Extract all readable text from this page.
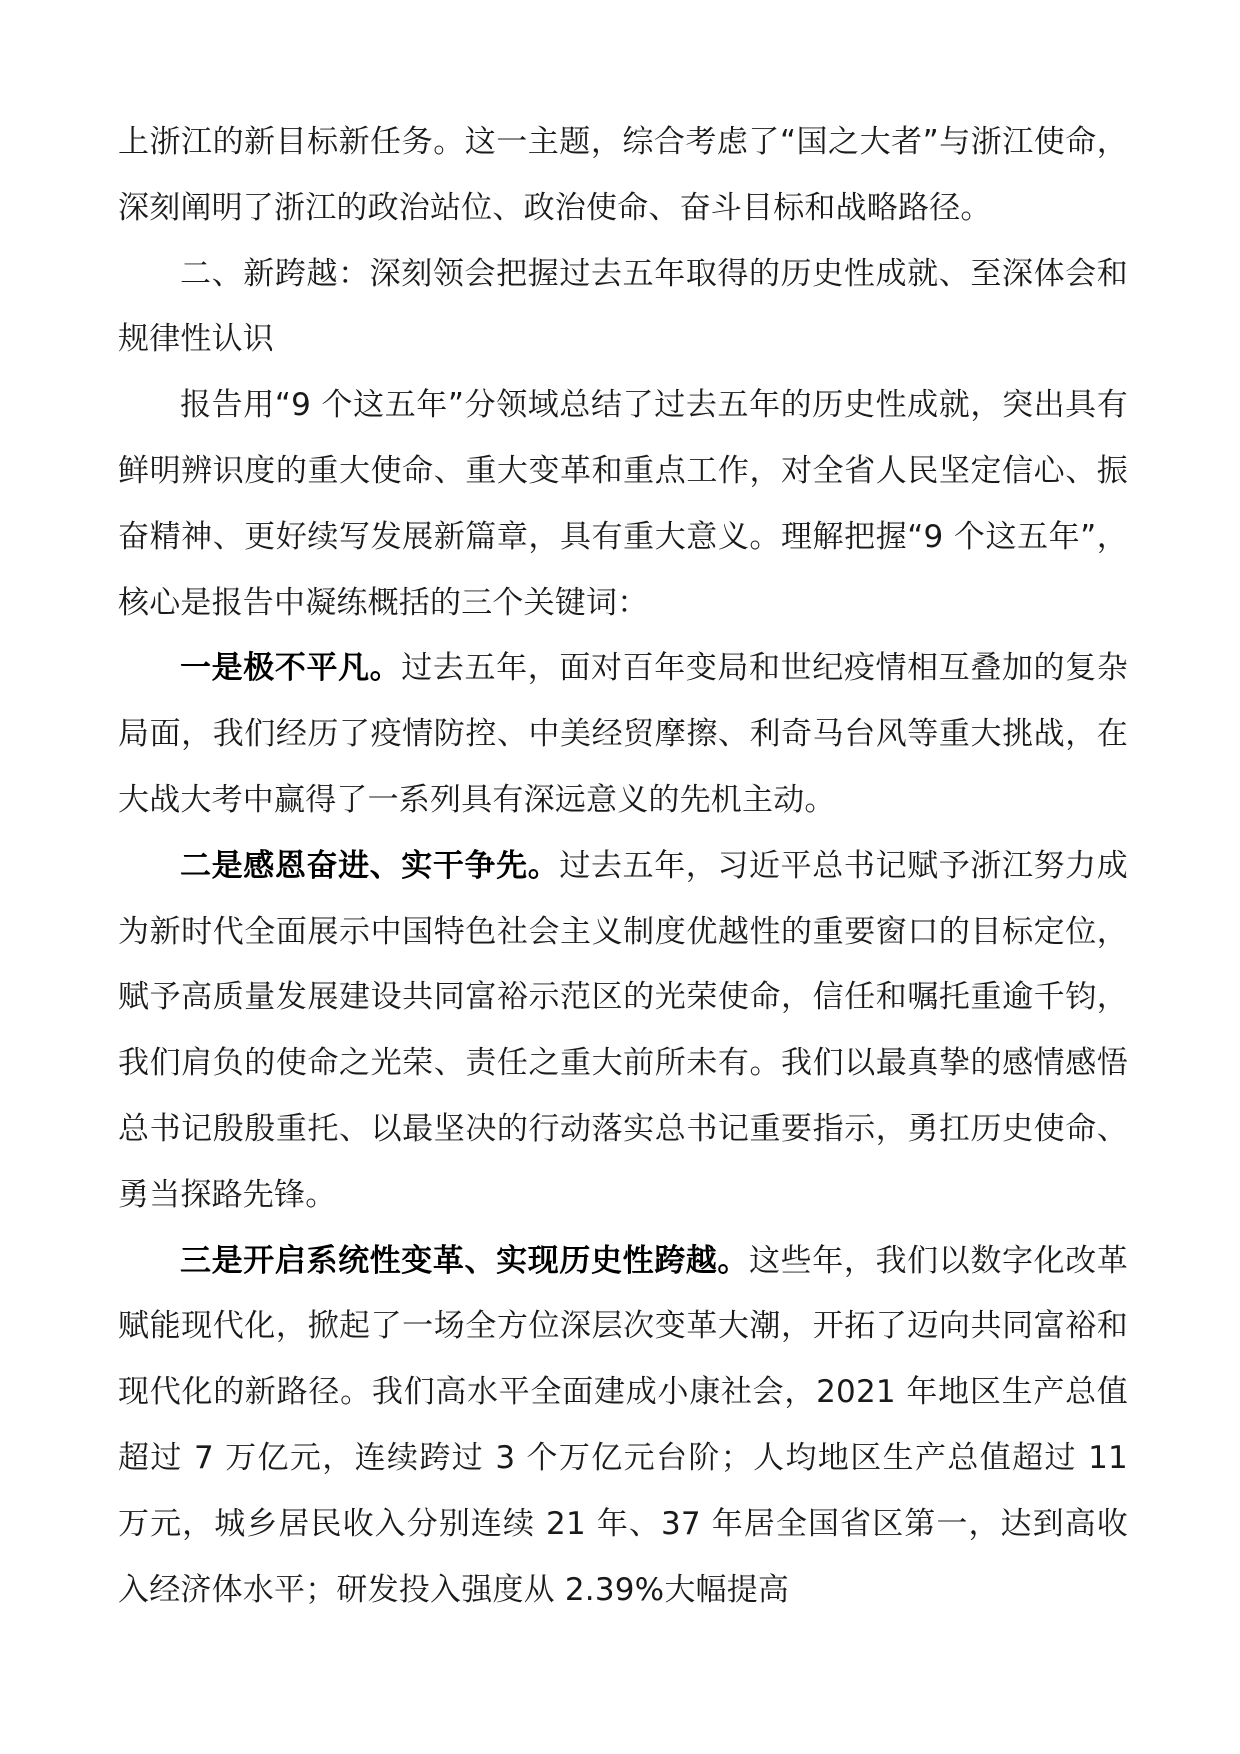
上浙江的新目标新任务。这一主题，综合考虑了“国之大者”与浙江使命，深刻阐明了浙江的政治站位、政治使命、奋斗目标和战略路径。

二、新跨越：深刻领会把握过去五年取得的历史性成就、至深体会和规律性认识

报告用“9 个这五年”分领域总结了过去五年的历史性成就，突出具有鲜明辨识度的重大使命、重大变革和重点工作，对全省人民坚定信心、振奋精神、更好续写发展新篇章，具有重大意义。理解把握“9 个这五年”，核心是报告中凝练概括的三个关键词：

一是极不平凡。过去五年，面对百年变局和世纪疫情相互叠加的复杂局面，我们经历了疫情防控、中美经贸摩擦、利奇马台风等重大挑战，在大战大考中赢得了一系列具有深远意义的先机主动。

二是感恩奋进、实干争先。过去五年，习近平总书记赋予浙江努力成为新时代全面展示中国特色社会主义制度优越性的重要窗口的目标定位，赋予高质量发展建设共同富裕示范区的光荣使命，信任和嘱托重逾千钧，我们肩负的使命之光荣、责任之重大前所未有。我们以最真挚的感情感悟总书记殷殷重托、以最坚决的行动落实总书记重要指示，勇扛历史使命、勇当探路先锋。

三是开启系统性变革、实现历史性跨越。这些年，我们以数字化改革赋能现代化，掀起了一场全方位深层次变革大潮，开拓了迈向共同富裕和现代化的新路径。我们高水平全面建成小康社会，2021 年地区生产总值超过 7 万亿元，连续跨过 3 个万亿元台阶；人均地区生产总值超过 11 万元，城乡居民收入分别连续 21 年、37 年居全国省区第一，达到高收入经济体水平；研发投入强度从 2.39%大幅提高
